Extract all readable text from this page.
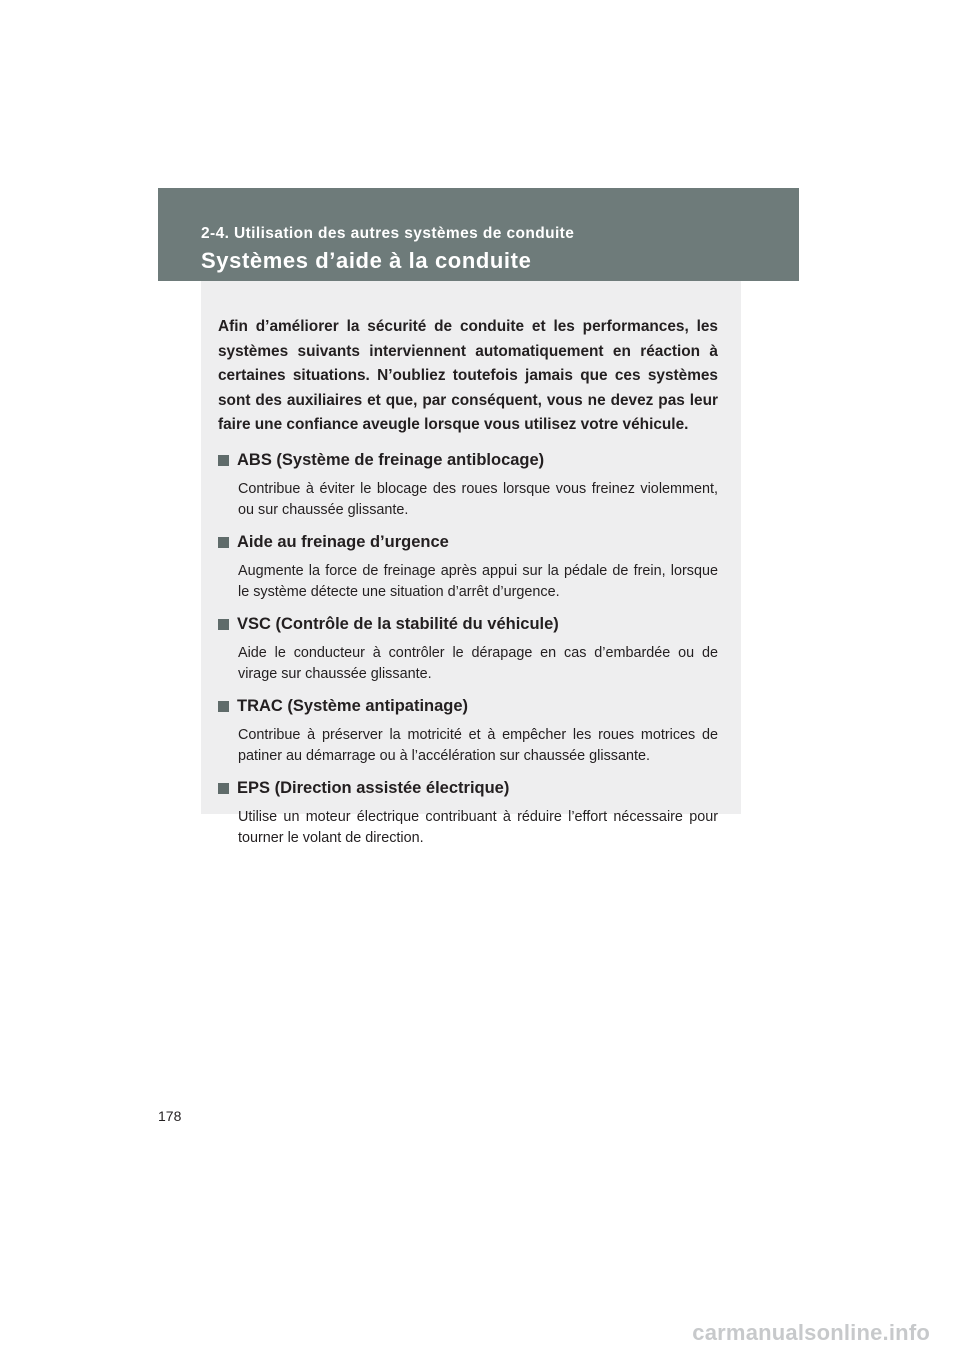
2-4. Utilisation des autres systèmes de conduite
Systèmes d’aide à la conduite

Afin d’améliorer la sécurité de conduite et les performances, les systèmes suivants interviennent automatiquement en réaction à certaines situations. N’oubliez toutefois jamais que ces systèmes sont des auxiliaires et que, par conséquent, vous ne devez pas leur faire une confiance aveugle lorsque vous utilisez votre véhicule.

ABS (Système de freinage antiblocage)

Contribue à éviter le blocage des roues lorsque vous freinez violemment, ou sur chaussée glissante.

Aide au freinage d’urgence

Augmente la force de freinage après appui sur la pédale de frein, lorsque le système détecte une situation d’arrêt d’urgence.

VSC (Contrôle de la stabilité du véhicule)

Aide le conducteur à contrôler le dérapage en cas d’embardée ou de virage sur chaussée glissante.

TRAC (Système antipatinage)

Contribue à préserver la motricité et à empêcher les roues motrices de patiner au démarrage ou à l’accélération sur chaussée glissante.

EPS (Direction assistée électrique)

Utilise un moteur électrique contribuant à réduire l’effort nécessaire pour tourner le volant de direction.

178
carmanualsonline.info
